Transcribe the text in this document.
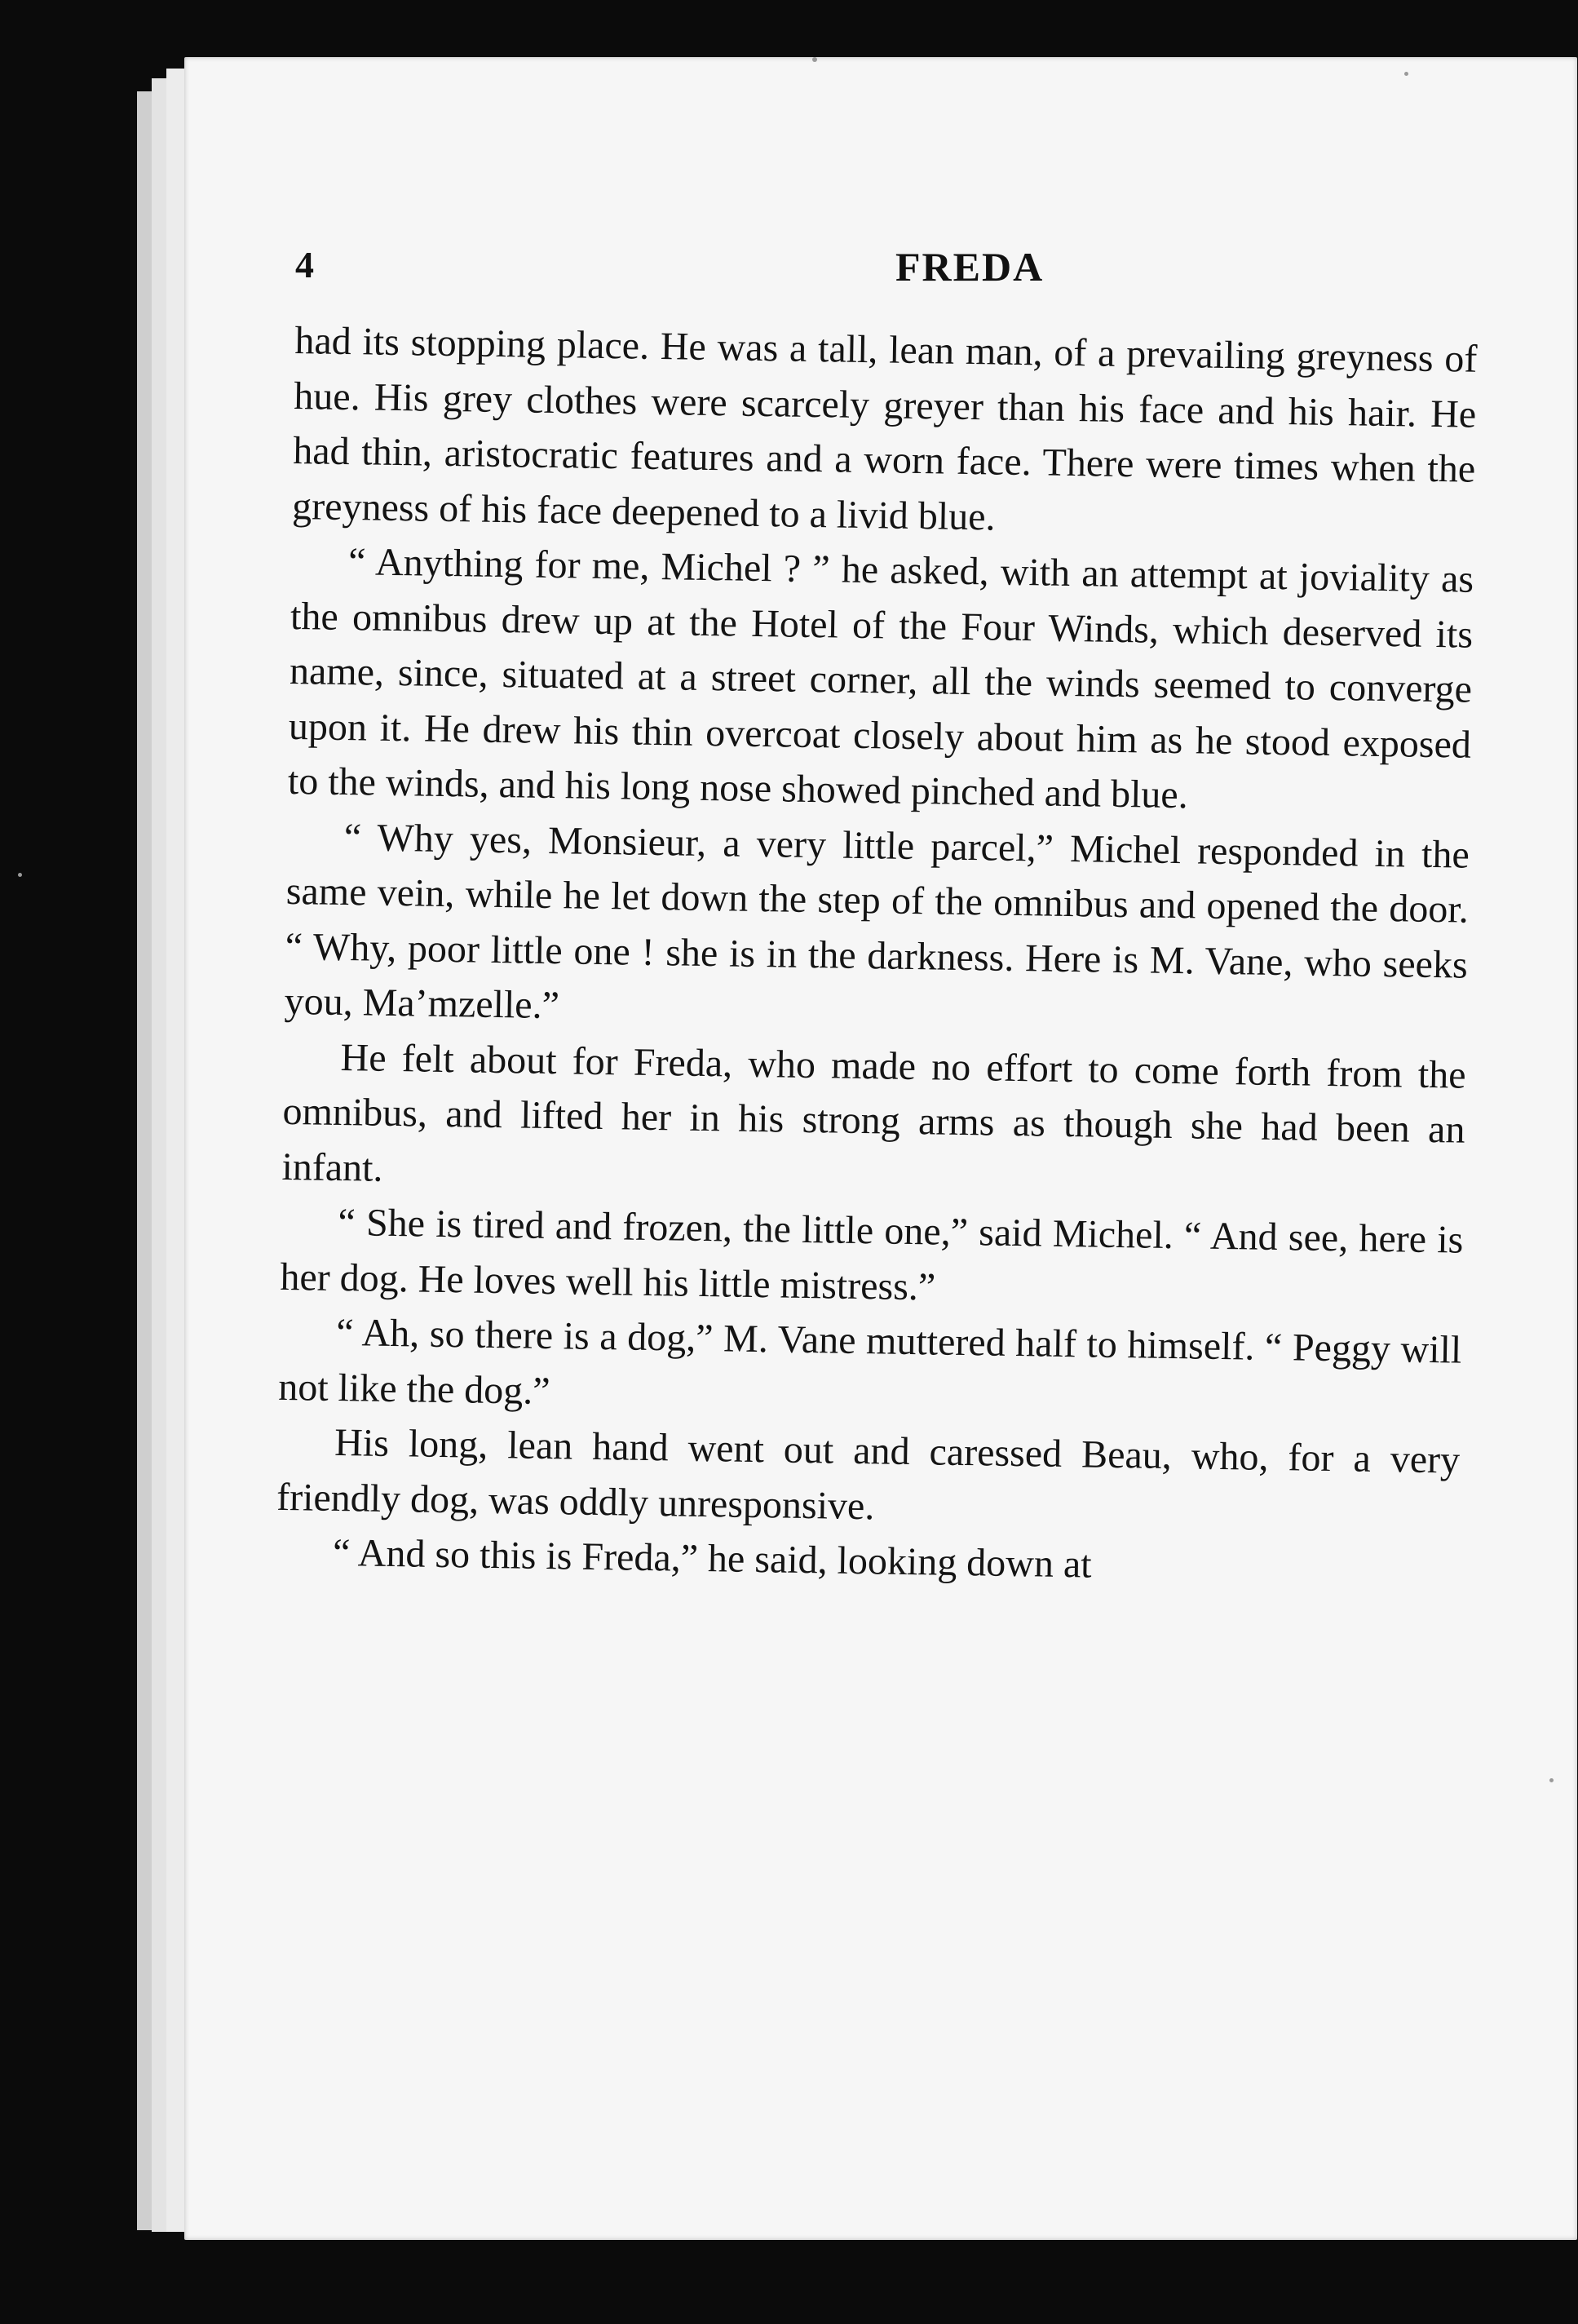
4	FREDA

had its stopping place. He was a tall, lean man, of a prevailing greyness of hue. His grey clothes were scarcely greyer than his face and his hair. He had thin, aristocratic features and a worn face. There were times when the greyness of his face deepened to a livid blue.

“ Anything for me, Michel ? ” he asked, with an attempt at joviality as the omnibus drew up at the Hotel of the Four Winds, which deserved its name, since, situated at a street corner, all the winds seemed to converge upon it. He drew his thin overcoat closely about him as he stood exposed to the winds, and his long nose showed pinched and blue.

“ Why yes, Monsieur, a very little parcel,” Michel responded in the same vein, while he let down the step of the omnibus and opened the door. “ Why, poor little one ! she is in the darkness. Here is M. Vane, who seeks you, Ma’mzelle.”

He felt about for Freda, who made no effort to come forth from the omnibus, and lifted her in his strong arms as though she had been an infant.

“ She is tired and frozen, the little one,” said Michel. “ And see, here is her dog. He loves well his little mistress.”

“ Ah, so there is a dog,” M. Vane muttered half to himself. “ Peggy will not like the dog.”

His long, lean hand went out and caressed Beau, who, for a very friendly dog, was oddly unresponsive.

“ And so this is Freda,” he said, looking down at
